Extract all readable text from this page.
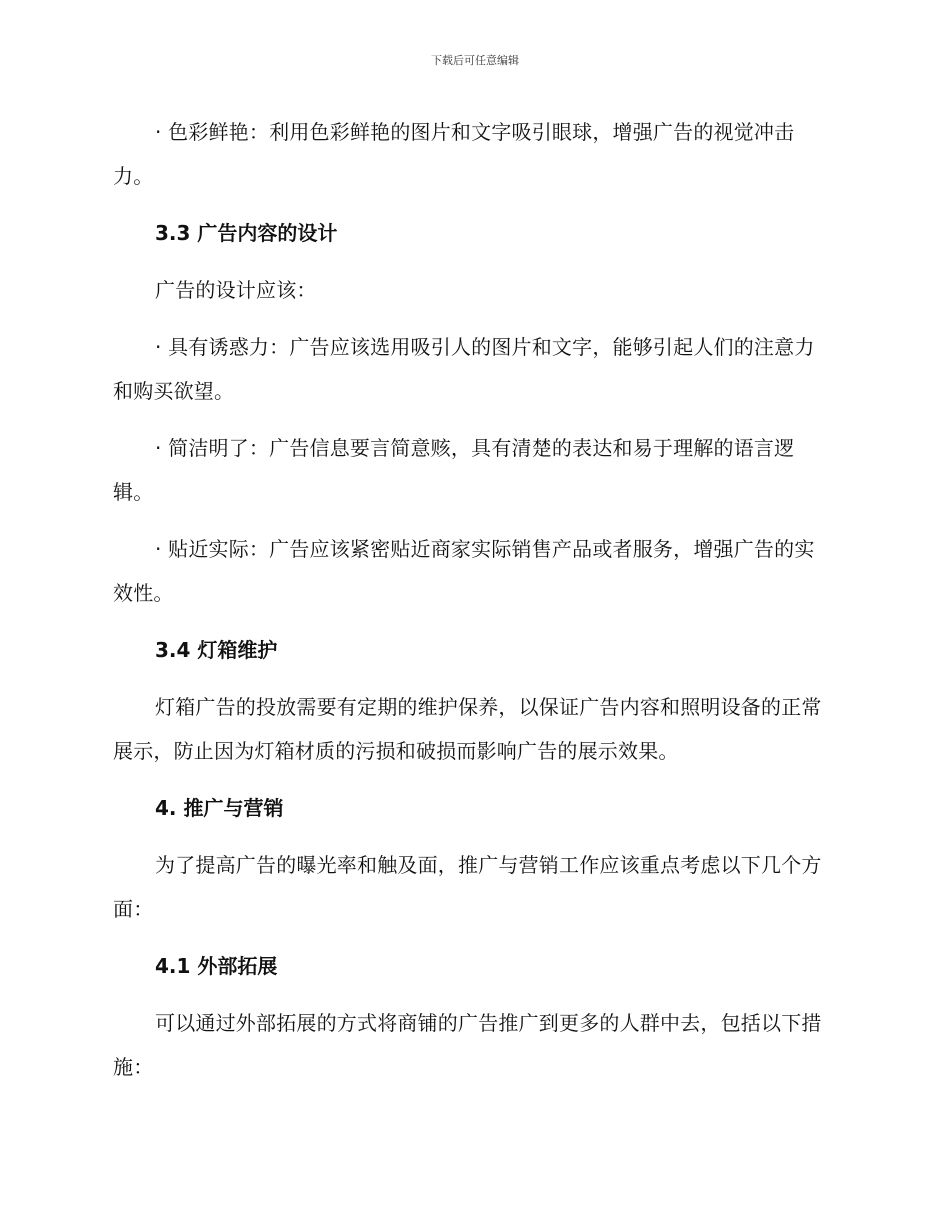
下载后可任意编辑

· 色彩鲜艳：利用色彩鲜艳的图片和文字吸引眼球，增强广告的视觉冲击力。

3.3 广告内容的设计

广告的设计应该：

· 具有诱惑力：广告应该选用吸引人的图片和文字，能够引起人们的注意力和购买欲望。

· 简洁明了：广告信息要言简意赅，具有清楚的表达和易于理解的语言逻辑。

· 贴近实际：广告应该紧密贴近商家实际销售产品或者服务，增强广告的实效性。

3.4 灯箱维护

灯箱广告的投放需要有定期的维护保养，以保证广告内容和照明设备的正常展示，防止因为灯箱材质的污损和破损而影响广告的展示效果。

4. 推广与营销

为了提高广告的曝光率和触及面，推广与营销工作应该重点考虑以下几个方面：

4.1 外部拓展

可以通过外部拓展的方式将商铺的广告推广到更多的人群中去，包括以下措施：
